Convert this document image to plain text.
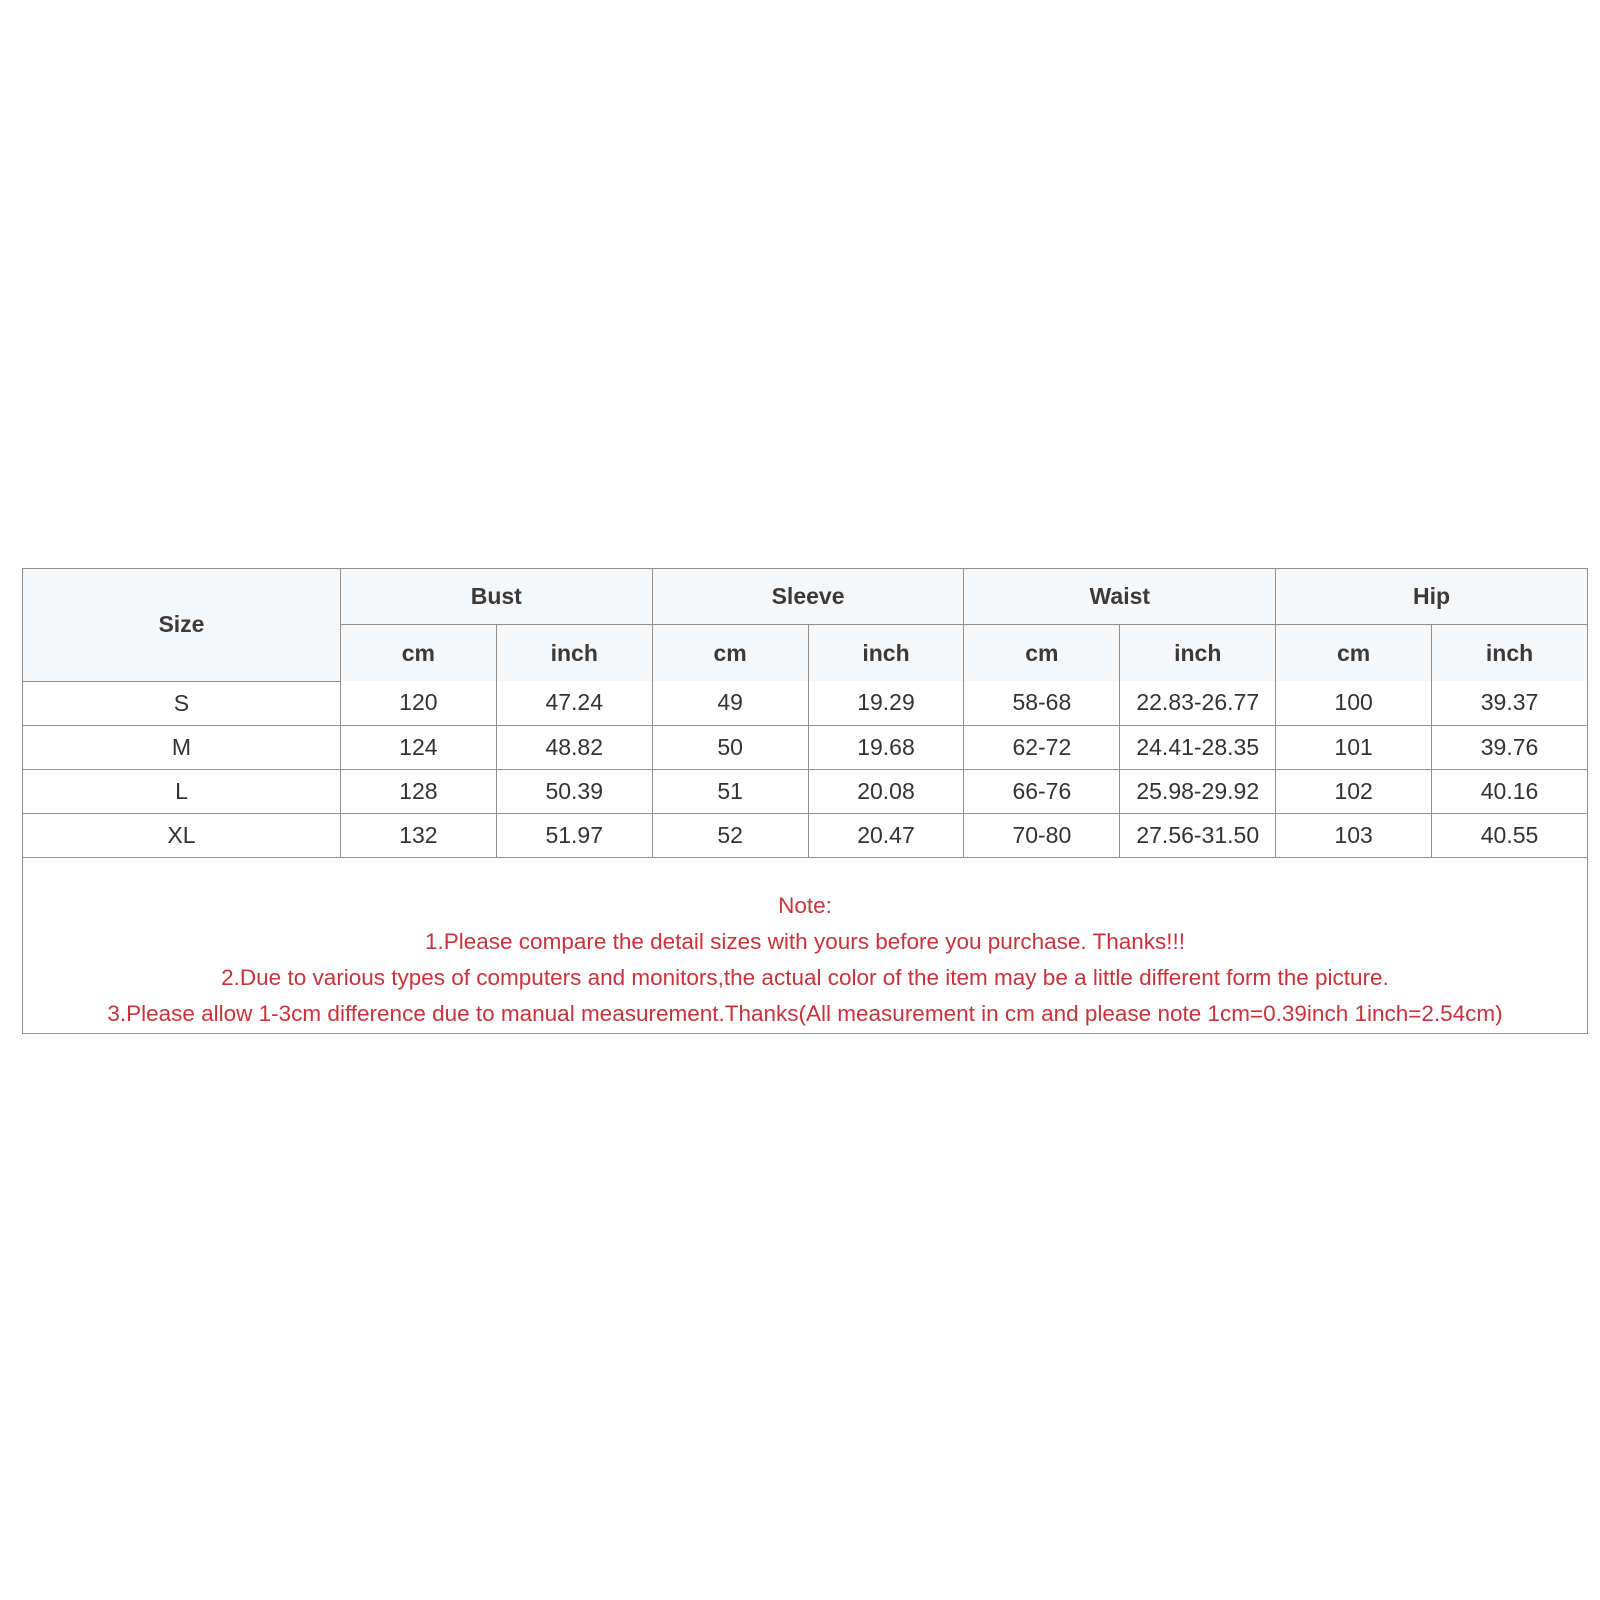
Size	Bust		Sleeve		Waist		Hip	
	cm	inch	cm	inch	cm	inch	cm	inch
S	120	47.24	49	19.29	58-68	22.83-26.77	100	39.37
M	124	48.82	50	19.68	62-72	24.41-28.35	101	39.76
L	128	50.39	51	20.08	66-76	25.98-29.92	102	40.16
XL	132	51.97	52	20.47	70-80	27.56-31.50	103	40.55

Note:
1.Please compare the detail sizes with yours before you purchase. Thanks!!!
2.Due to various types of computers and monitors,the actual color of the item may be a little different form the picture.
3.Please allow 1-3cm difference due to manual measurement.Thanks(All measurement in cm and please note 1cm=0.39inch 1inch=2.54cm)								
